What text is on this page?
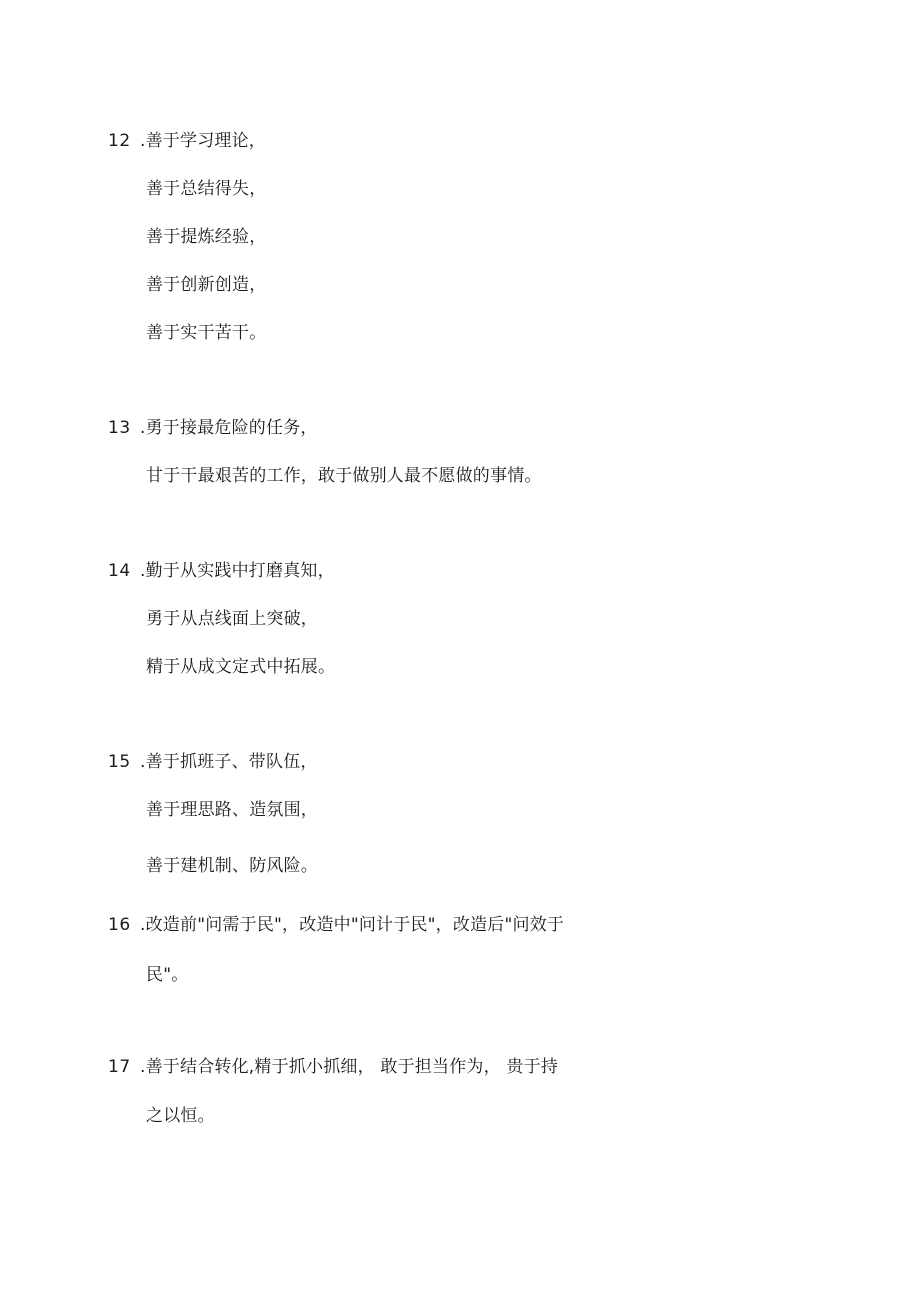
12 .善于学习理论，
善于总结得失，
善于提炼经验，
善于创新创造，
善于实干苦干。
13 .勇于接最危险的任务，
甘于干最艰苦的工作，敢于做别人最不愿做的事情。
14 .勤于从实践中打磨真知，
勇于从点线面上突破，
精于从成文定式中拓展。
15 .善于抓班子、带队伍，
善于理思路、造氛围，
善于建机制、防风险。
16 .改造前"问需于民"，改造中"问计于民"，改造后"问效于
民"。
17 .善于结合转化,精于抓小抓细， 敢于担当作为， 贵于持
之以恒。
